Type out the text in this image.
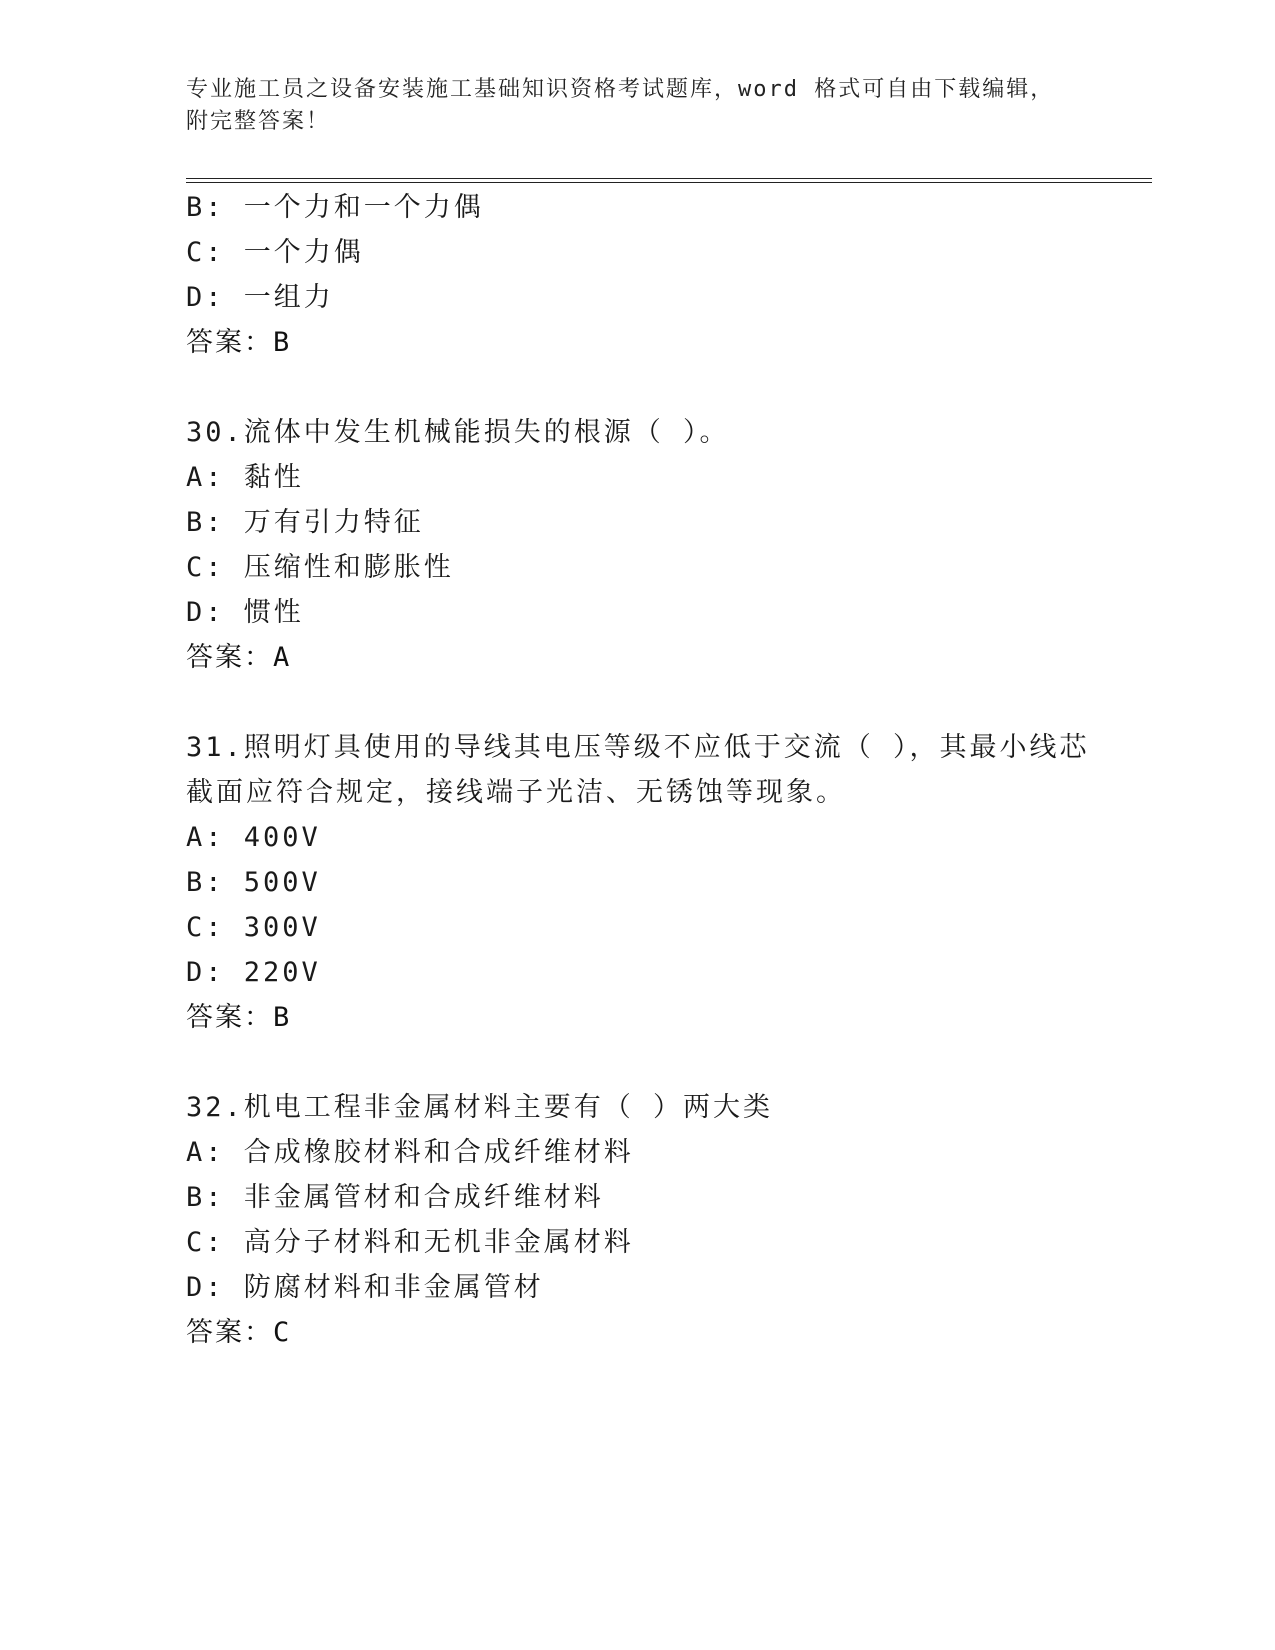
专业施工员之设备安装施工基础知识资格考试题库，word 格式可自由下载编辑，
附完整答案！
B: 一个力和一个力偶
C: 一个力偶
D: 一组力
答案：B
30.流体中发生机械能损失的根源（ ）。
A: 黏性
B: 万有引力特征
C: 压缩性和膨胀性
D: 惯性
答案：A
31.照明灯具使用的导线其电压等级不应低于交流（ ），其最小线芯
截面应符合规定，接线端子光洁、无锈蚀等现象。
A: 400V
B: 500V
C: 300V
D: 220V
答案：B
32.机电工程非金属材料主要有（ ）两大类
A: 合成橡胶材料和合成纤维材料
B: 非金属管材和合成纤维材料
C: 高分子材料和无机非金属材料
D: 防腐材料和非金属管材
答案：C
